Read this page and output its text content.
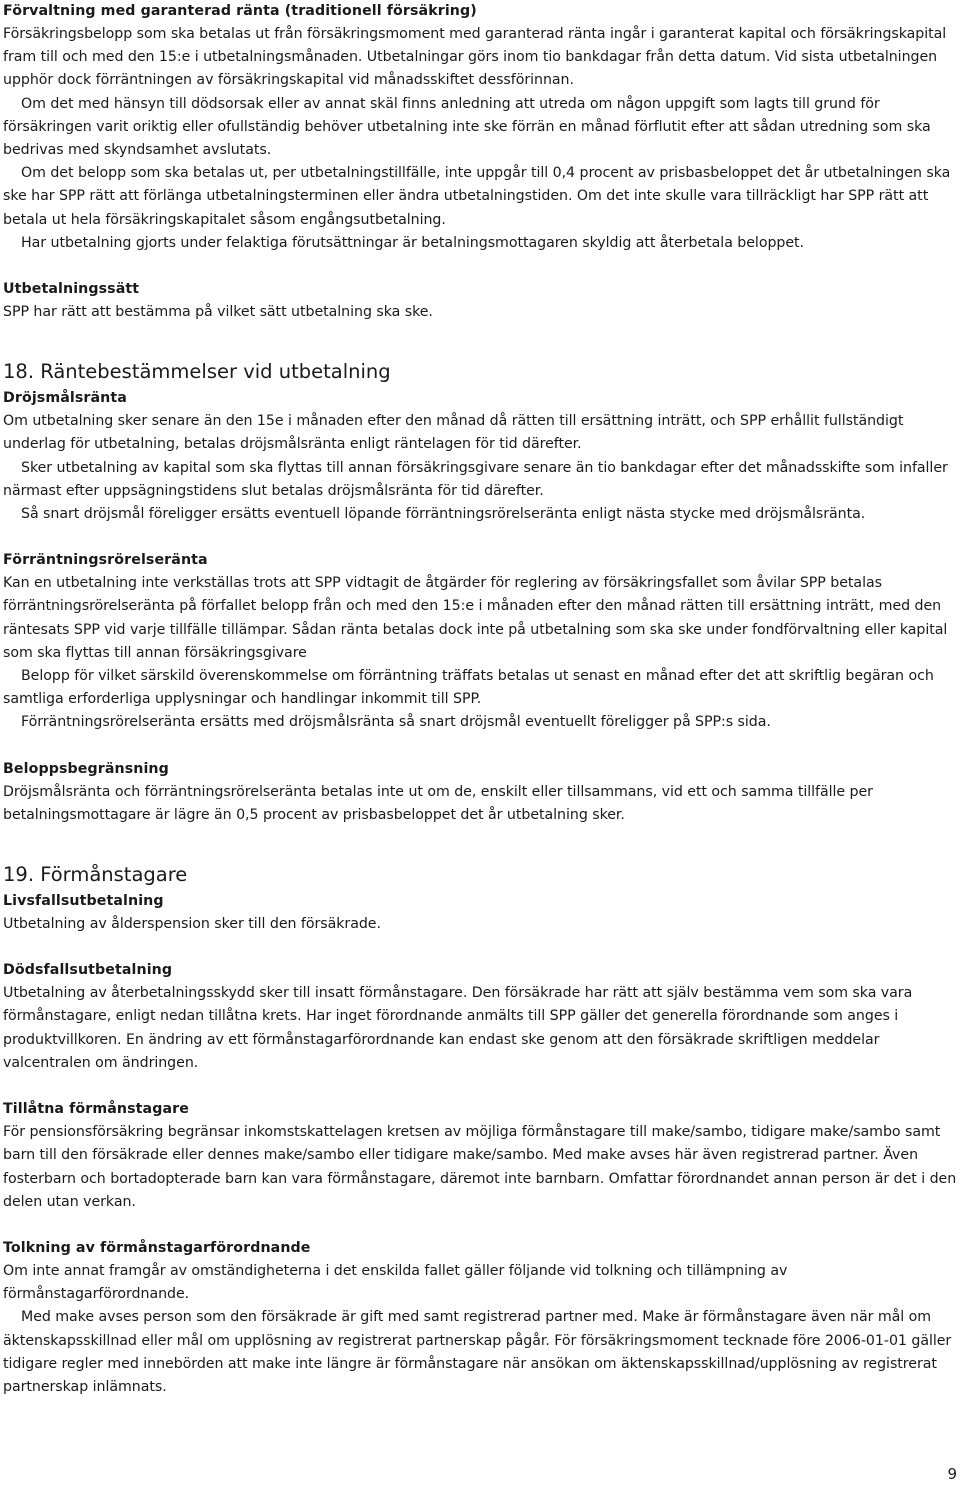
Förvaltning med garanterad ränta (traditionell försäkring)

Försäkringsbelopp som ska betalas ut från försäkringsmoment med garanterad ränta ingår i garanterat kapital och försäkringskapital fram till och med den 15:e i utbetalningsmånaden. Utbetalningar görs inom tio bankdagar från detta datum. Vid sista utbetalningen upphör dock förräntningen av försäkringskapital vid månadsskiftet dessförinnan.

Om det med hänsyn till dödsorsak eller av annat skäl finns anledning att utreda om någon uppgift som lagts till grund för försäkringen varit oriktig eller ofullständig behöver utbetalning inte ske förrän en månad förflutit efter att sådan utredning som ska bedrivas med skyndsamhet avslutats.

Om det belopp som ska betalas ut, per utbetalningstillfälle, inte uppgår till 0,4 procent av prisbasbeloppet det år utbetalningen ska ske har SPP rätt att förlänga utbetalningsterminen eller ändra utbetalningstiden. Om det inte skulle vara tillräckligt har SPP rätt att betala ut hela försäkringskapitalet såsom engångsutbetalning.

Har utbetalning gjorts under felaktiga förutsättningar är betalningsmottagaren skyldig att återbetala beloppet.

Utbetalningssätt

SPP har rätt att bestämma på vilket sätt utbetalning ska ske.

18. Räntebestämmelser vid utbetalning
Dröjsmålsränta

Om utbetalning sker senare än den 15e i månaden efter den månad då rätten till ersättning inträtt, och SPP erhållit fullständigt underlag för utbetalning, betalas dröjsmålsränta enligt räntelagen för tid därefter.

Sker utbetalning av kapital som ska flyttas till annan försäkringsgivare senare än tio bankdagar efter det månadsskifte som infaller närmast efter uppsägningstidens slut betalas dröjsmålsränta för tid därefter.

Så snart dröjsmål föreligger ersätts eventuell löpande förräntningsrörelseränta enligt nästa stycke med dröjsmålsränta.

Förräntningsrörelseränta

Kan en utbetalning inte verkställas trots att SPP vidtagit de åtgärder för reglering av försäkringsfallet som åvilar SPP betalas förräntningsrörelseränta på förfallet belopp från och med den 15:e i månaden efter den månad rätten till ersättning inträtt, med den räntesats SPP vid varje tillfälle tillämpar. Sådan ränta betalas dock inte på utbetalning som ska ske under fondförvaltning eller kapital som ska flyttas till annan försäkringsgivare

Belopp för vilket särskild överenskommelse om förräntning träffats betalas ut senast en månad efter det att skriftlig begäran och samtliga erforderliga upplysningar och handlingar inkommit till SPP.

Förräntningsrörelseränta ersätts med dröjsmålsränta så snart dröjsmål eventuellt föreligger på SPP:s sida.

Beloppsbegränsning

Dröjsmålsränta och förräntningsrörelseränta betalas inte ut om de, enskilt eller tillsammans, vid ett och samma tillfälle per betalningsmottagare är lägre än 0,5 procent av prisbasbeloppet det år utbetalning sker.

19. Förmånstagare
Livsfallsutbetalning

Utbetalning av ålderspension sker till den försäkrade.

Dödsfallsutbetalning

Utbetalning av återbetalningsskydd sker till insatt förmånstagare. Den försäkrade har rätt att själv bestämma vem som ska vara förmånstagare, enligt nedan tillåtna krets. Har inget förordnande anmälts till SPP gäller det generella förordnande som anges i produktvillkoren. En ändring av ett förmånstagarförordnande kan endast ske genom att den försäkrade skriftligen meddelar valcentralen om ändringen.

Tillåtna förmånstagare

För pensionsförsäkring begränsar inkomstskattelagen kretsen av möjliga förmånstagare till make/sambo, tidigare make/sambo samt barn till den försäkrade eller dennes make/sambo eller tidigare make/sambo. Med make avses här även registrerad partner. Även fosterbarn och bortadopterade barn kan vara förmånstagare, däremot inte barnbarn. Omfattar förordnandet annan person är det i den delen utan verkan.

Tolkning av förmånstagarförordnande

Om inte annat framgår av omständigheterna i det enskilda fallet gäller följande vid tolkning och tillämpning av förmånstagarförordnande.

Med make avses person som den försäkrade är gift med samt registrerad partner med. Make är förmånstagare även när mål om äktenskapsskillnad eller mål om upplösning av registrerat partnerskap pågår. För försäkringsmoment tecknade före 2006-01-01 gäller tidigare regler med innebörden att make inte längre är förmånstagare när ansökan om äktenskapsskillnad/upplösning av registrerat partnerskap inlämnats.

9
